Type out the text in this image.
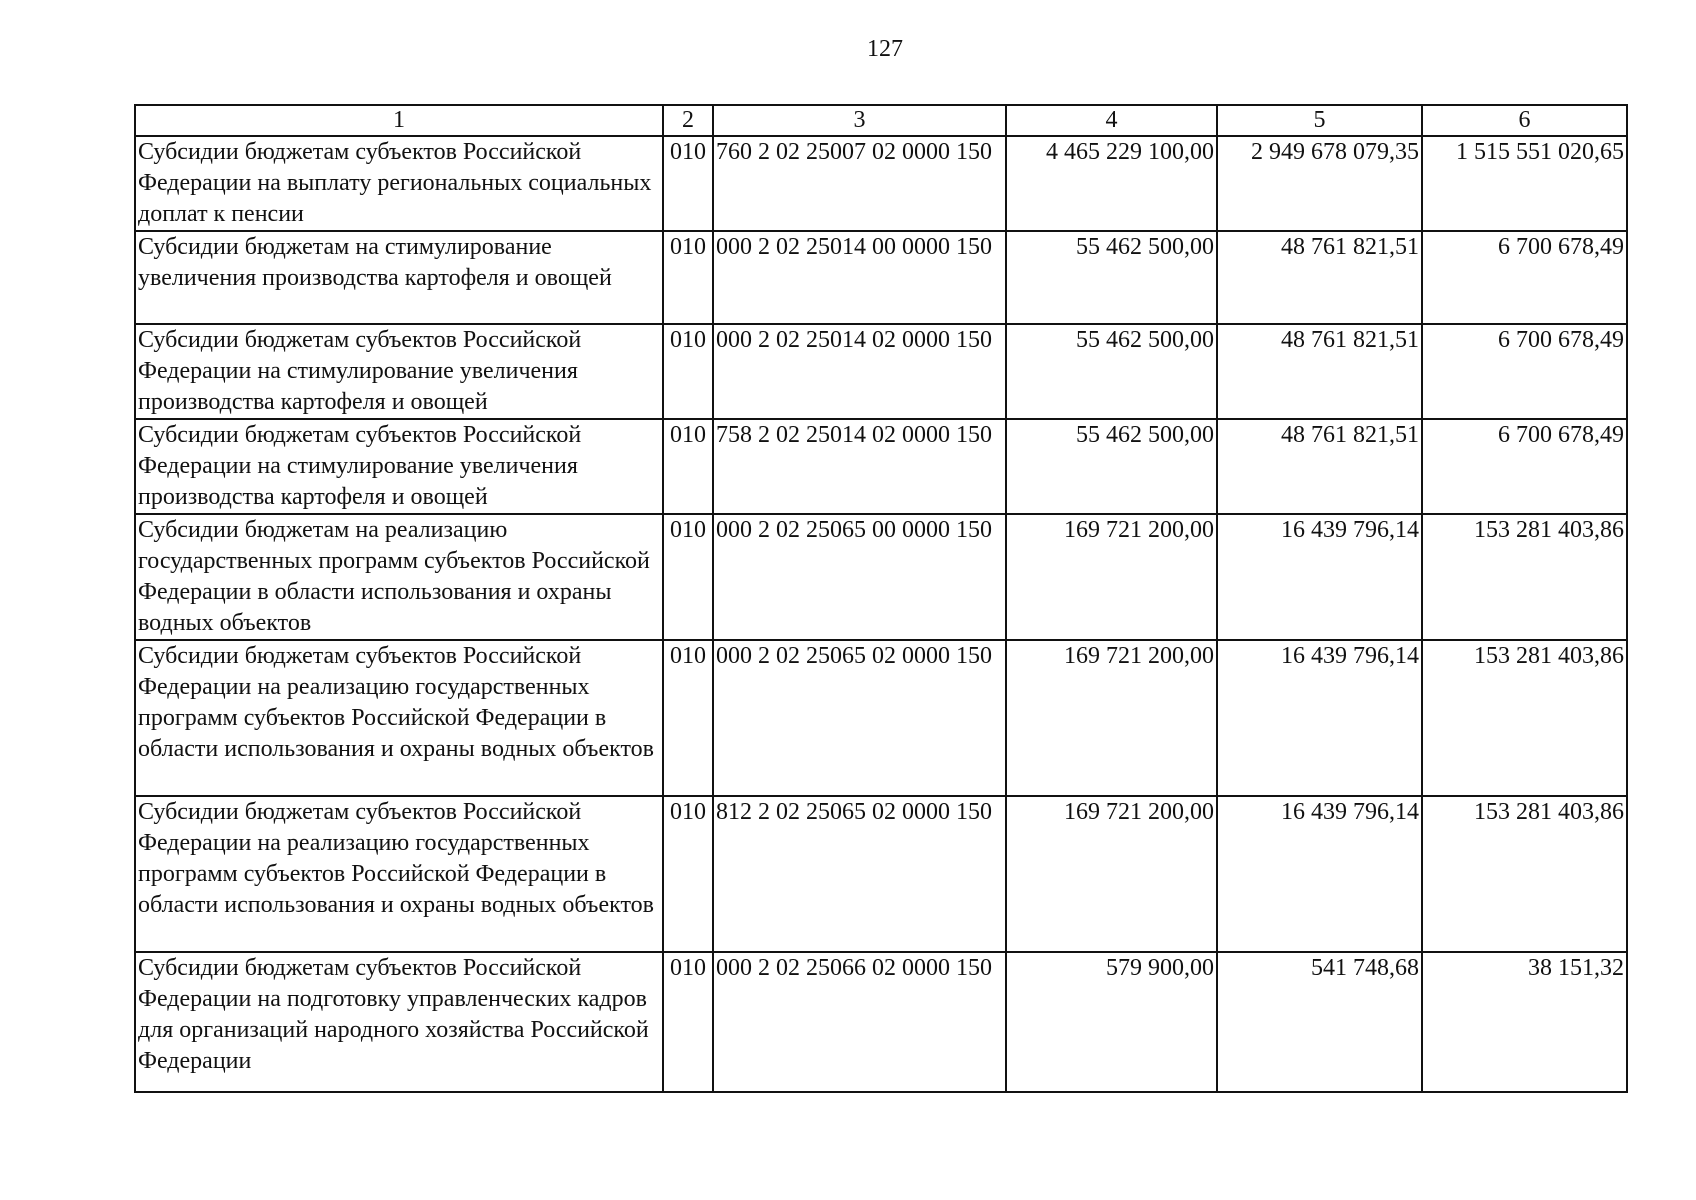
127
1	2	3	4	5	6
Субсидии бюджетам субъектов Российской Федерации на выплату региональных социальных доплат к пенсии	010	760 2 02 25007 02 0000 150	4 465 229 100,00	2 949 678 079,35	1 515 551 020,65
Субсидии бюджетам на стимулирование увеличения производства картофеля и овощей	010	000 2 02 25014 00 0000 150	55 462 500,00	48 761 821,51	6 700 678,49
Субсидии бюджетам субъектов Российской Федерации на стимулирование увеличения производства картофеля и овощей	010	000 2 02 25014 02 0000 150	55 462 500,00	48 761 821,51	6 700 678,49
Субсидии бюджетам субъектов Российской Федерации на стимулирование увеличения производства картофеля и овощей	010	758 2 02 25014 02 0000 150	55 462 500,00	48 761 821,51	6 700 678,49
Субсидии бюджетам на реализацию государственных программ субъектов Российской Федерации в области использования и охраны водных объектов	010	000 2 02 25065 00 0000 150	169 721 200,00	16 439 796,14	153 281 403,86
Субсидии бюджетам субъектов Российской Федерации на реализацию государственных программ субъектов Российской Федерации в области использования и охраны водных объектов	010	000 2 02 25065 02 0000 150	169 721 200,00	16 439 796,14	153 281 403,86
Субсидии бюджетам субъектов Российской Федерации на реализацию государственных программ субъектов Российской Федерации в области использования и охраны водных объектов	010	812 2 02 25065 02 0000 150	169 721 200,00	16 439 796,14	153 281 403,86
Субсидии бюджетам субъектов Российской Федерации на подготовку управленческих кадров для организаций народного хозяйства Российской Федерации	010	000 2 02 25066 02 0000 150	579 900,00	541 748,68	38 151,32
